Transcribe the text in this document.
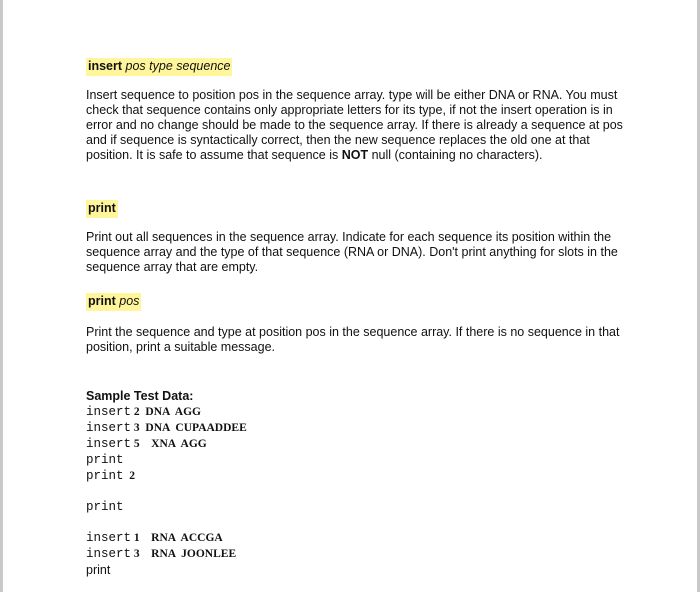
insert pos type sequence
Insert sequence to position pos in the sequence array. type will be either DNA or RNA. You must check that sequence contains only appropriate letters for its type, if not the insert operation is in error and no change should be made to the sequence array. If there is already a sequence at pos and if sequence is syntactically correct, then the new sequence replaces the old one at that position. It is safe to assume that sequence is NOT null (containing no characters).
print
Print out all sequences in the sequence array. Indicate for each sequence its position within the sequence array and the type of that sequence (RNA or DNA). Don't print anything for slots in the sequence array that are empty.
print pos
Print the sequence and type at position pos in the sequence array. If there is no sequence in that position, print a suitable message.
Sample Test Data:
insert 2  DNA  AGG
insert 3  DNA  CUPAADDEE
insert 5    XNA  AGG
print
print  2
print
insert 1    RNA  ACCGA
insert 3    RNA  JOONLEE
print
